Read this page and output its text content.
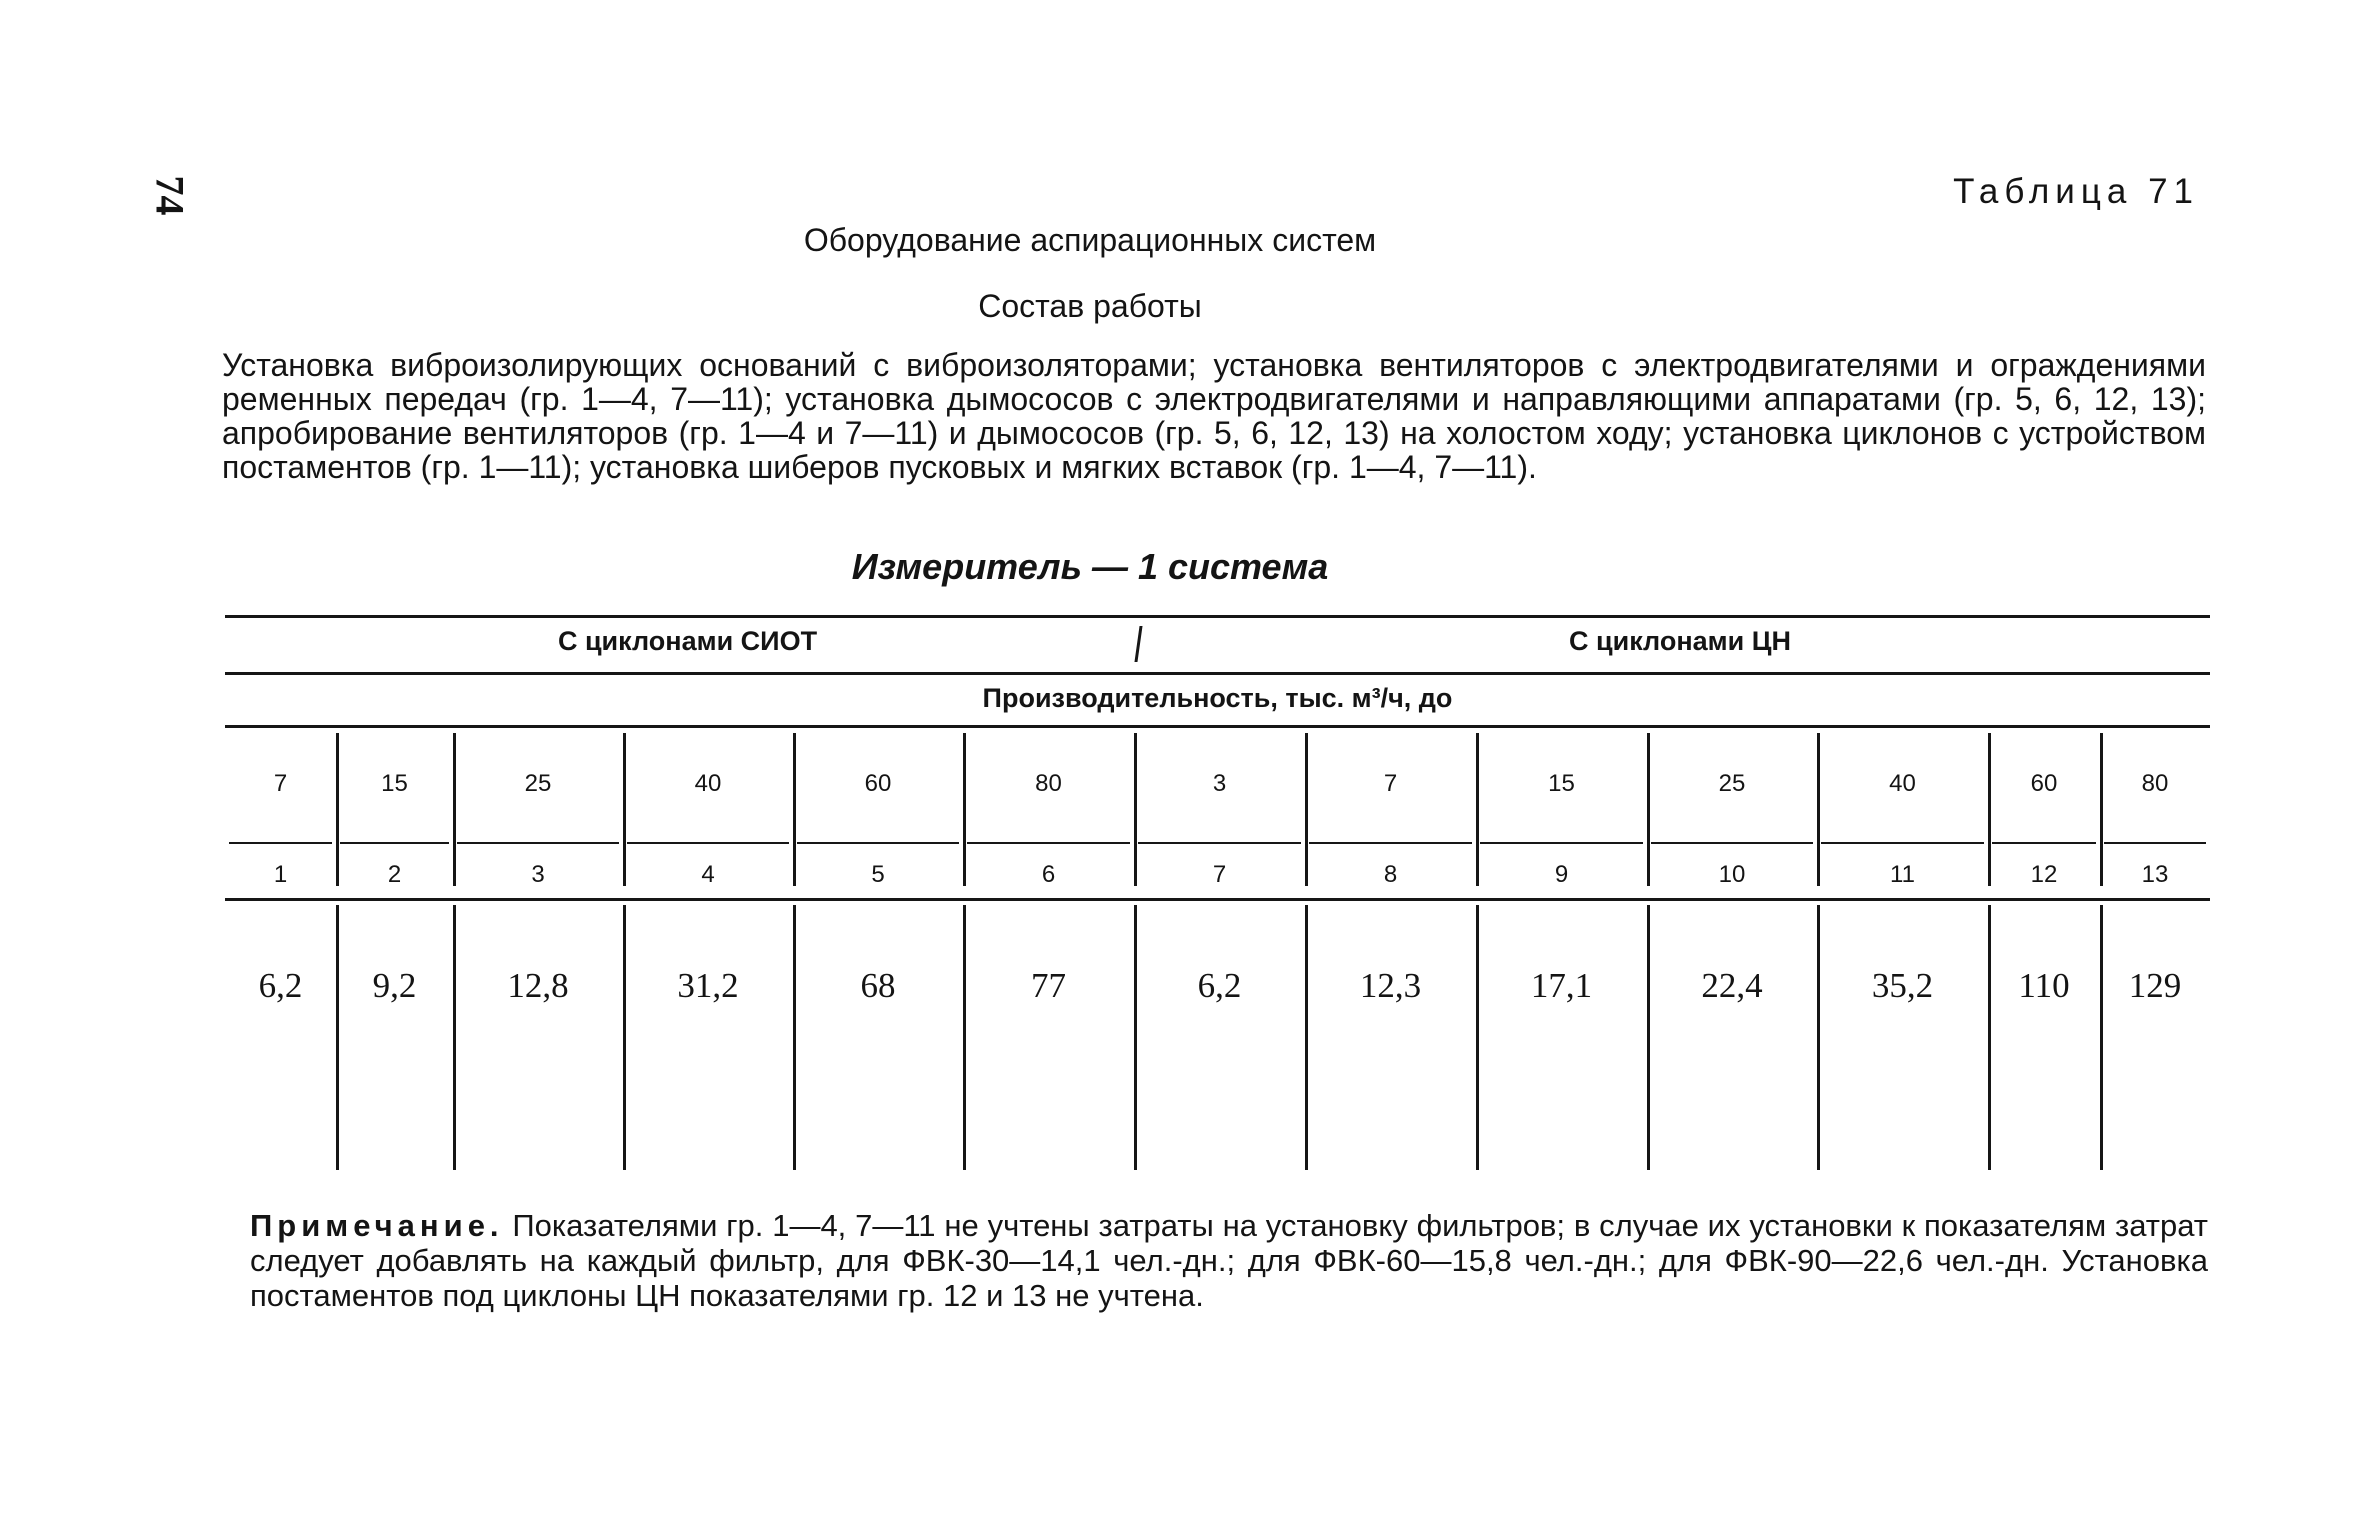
74	Таблица 71
Оборудование аспирационных систем
Состав работы
Установка виброизолирующих оснований с виброизоляторами; установка вентиляторов с электродвигателями и ограждениями ременных передач (гр. 1—4, 7—11); установка дымососов с электродвигателями и направляющими аппаратами (гр. 5, 6, 12, 13); апробирование вентиляторов (гр. 1—4 и 7—11) и дымососов (гр. 5, 6, 12, 13) на холостом ходу; установка циклонов с устройством постаментов (гр. 1—11); установка шиберов пусковых и мягких вставок (гр. 1—4, 7—11).
Измеритель — 1 система
С циклонами СИОТ	С циклонами ЦН
Производительность, тыс. м³/ч, до
7
1
6,2
15
2
9,2
25
3
12,8
40
4
31,2
60
5
68
80
6
77
3
7
6,2
7
8
12,3
15
9
17,1
25
10
22,4
40
11
35,2
60
12
110
80
13
129
Примечание. Показателями гр. 1—4, 7—11 не учтены затраты на установку фильтров; в случае их установки к показателям затрат следует добавлять на каждый фильтр, для ФВК-30—14,1 чел.-дн.; для ФВК-60—15,8 чел.-дн.; для ФВК-90—22,6 чел.-дн. Установка постаментов под циклоны ЦН показателями гр. 12 и 13 не учтена.
